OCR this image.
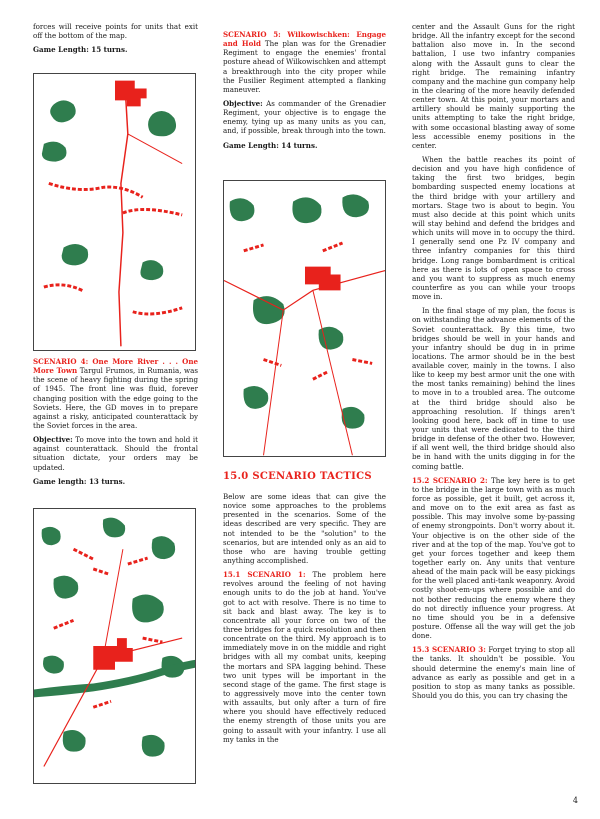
forces will receive points for units that exit off the bottom of the map.

Game Length: 15 turns.

SCENARIO 4: One More River . . . One More Town Targul Frumos, in Rumania, was the scene of heavy fighting during the spring of 1945. The front line was fluid, forever changing position with the edge going to the Soviets. Here, the GD moves in to prepare against a risky, anticipated counterattack by the Soviet forces in the area.

Objective: To move into the town and hold it against counterattack. Should the frontal situation dictate, your orders may be updated.

Game length: 13 turns.

SCENARIO 5: Wilkowischken: Engage and Hold The plan was for the Grenadier Regiment to engage the enemies' frontal posture ahead of Wilkowischken and attempt a breakthrough into the city proper while the Fusilier Regiment attempted a flanking maneuver.

Objective: As commander of the Grenadier Regiment, your objective is to engage the enemy, tying up as many units as you can, and, if possible, break through into the town.

Game Length: 14 turns.

15.0 SCENARIO TACTICS

Below are some ideas that can give the novice some approaches to the problems presented in the scenarios. Some of the ideas described are very specific. They are not intended to be the "solution" to the scenarios, but are intended only as an aid to those who are having trouble getting anything accomplished.

15.1 SCENARIO 1: The problem here revolves around the feeling of not having enough units to do the job at hand. You've got to act with resolve. There is no time to sit back and blast away. The key is to concentrate all your force on two of the three bridges for a quick resolution and then concentrate on the third. My approach is to immediately move in on the middle and right bridges with all my combat units, keeping the mortars and SPA lagging behind. These two unit types will be important in the second stage of the game. The first stage is to aggressively move into the center town with assaults, but only after a turn of fire where you should have effectively reduced the enemy strength of those units you are going to assault with your infantry. I use all my tanks in the

center and the Assault Guns for the right bridge. All the infantry except for the second battalion also move in. In the second battalion, I use two infantry companies along with the Assault guns to clear the right bridge. The remaining infantry company and the machine gun company help in the clearing of the more heavily defended center town. At this point, your mortars and artillery should be mainly supporting the units attempting to take the right bridge, with some occasional blasting away of some less accessible enemy positions in the center.

When the battle reaches its point of decision and you have high confidence of taking the first two bridges, begin bombarding suspected enemy locations at the third bridge with your artillery and mortars. Stage two is about to begin. You must also decide at this point which units will stay behind and defend the bridges and which units will move in to occupy the third. I generally send one Pz IV company and three infantry companies for this third bridge. Long range bombardment is critical here as there is lots of open space to cross and you want to suppress as much enemy counterfire as you can while your troops move in.

In the final stage of my plan, the focus is on withstanding the advance elements of the Soviet counterattack. By this time, two bridges should be well in your hands and your infantry should be dug in in prime locations. The armor should be in the best available cover, mainly in the towns. I also like to keep my best armor unit the one with the most tanks remaining) behind the lines to move in to a troubled area. The outcome at the third bridge should also be approaching resolution. If things aren't looking good here, back off in time to use your units that were dedicated to the third bridge in defense of the other two. However, if all went well, the third bridge should also be in hand with the units digging in for the coming battle.

15.2 SCENARIO 2: The key here is to get to the bridge in the large town with as much force as possible, get it built, get across it, and move on to the exit area as fast as possible. This may involve some by-passing of enemy strongpoints. Don't worry about it. Your objective is on the other side of the river and at the top of the map. You've got to get your forces together and keep them together early on. Any units that venture ahead of the main pack will be easy pickings for the well placed anti-tank weaponry. Avoid costly shoot-em-ups where possible and do not bother reducing the enemy where they do not directly influence your progress. At no time should you be in a defensive posture. Offense all the way will get the job done.

15.3 SCENARIO 3: Forget trying to stop all the tanks. It shouldn't be possible. You should determine the enemy's main line of advance as early as possible and get in a position to stop as many tanks as possible. Should you do this, you can try chasing the

4
